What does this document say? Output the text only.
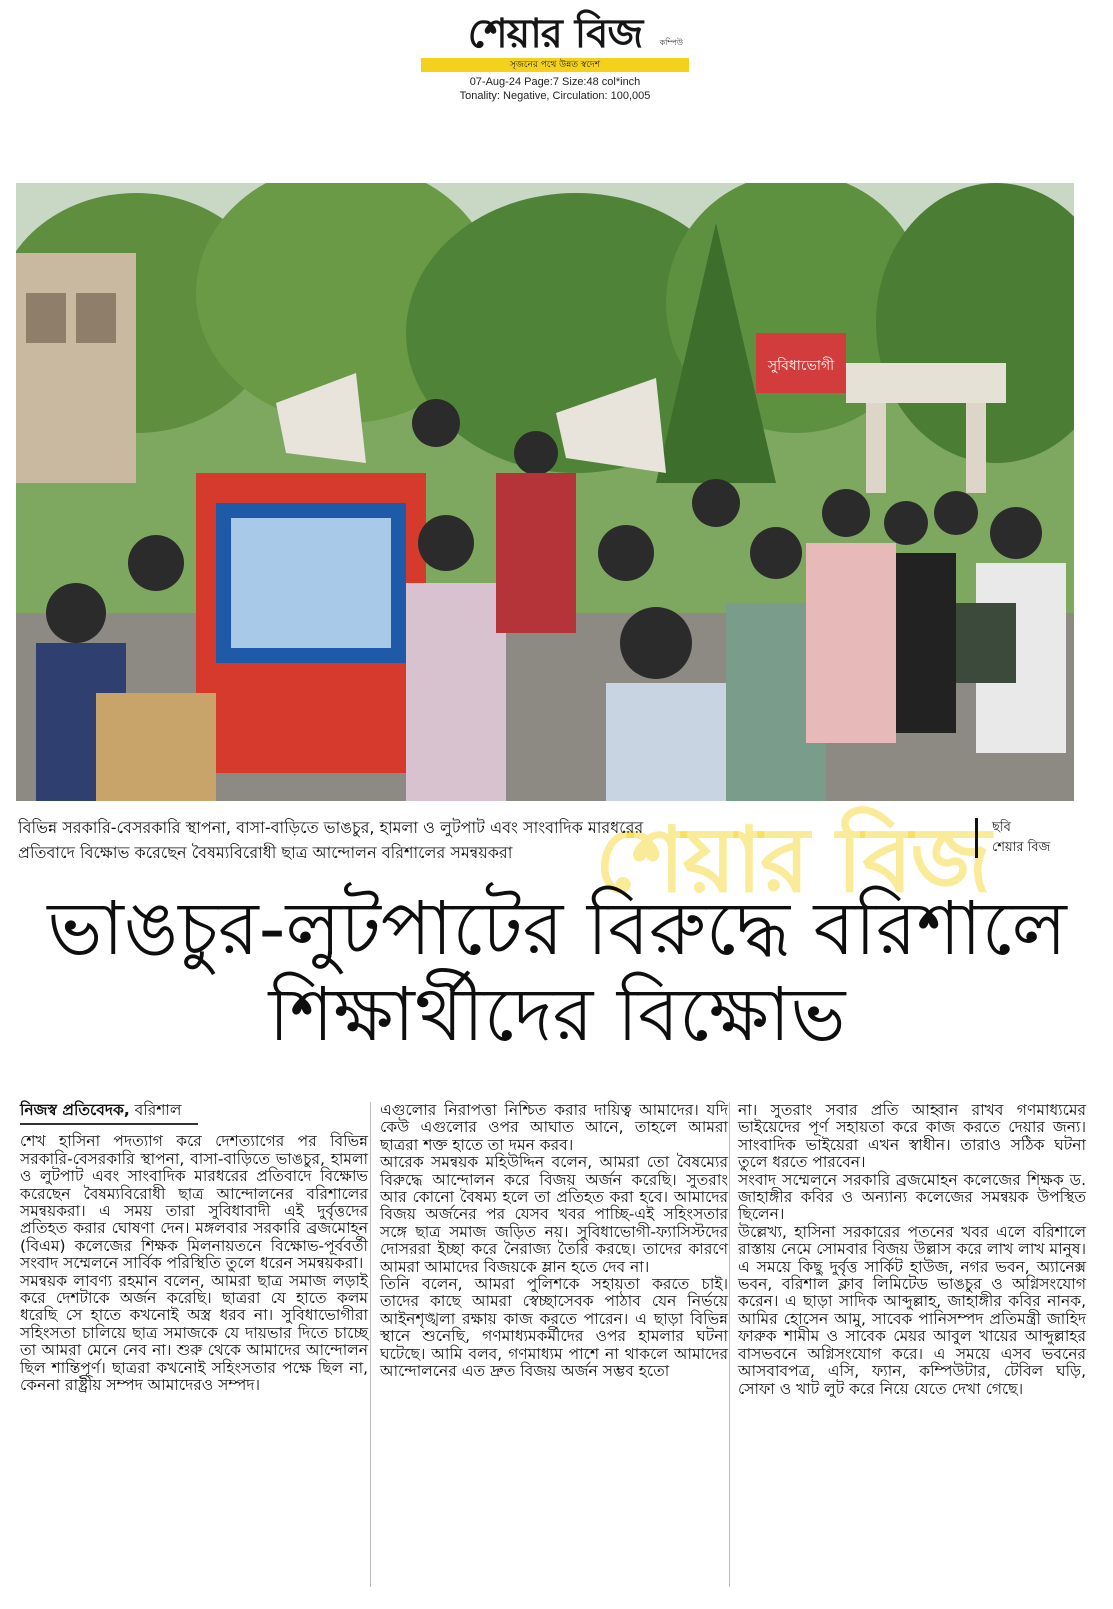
শেয়ার বিজ	কম্পিউ
সৃজনের পথে উন্নত স্বদেশ
07-Aug-24 Page:7 Size:48 col*inch
Tonality: Negative, Circulation: 100,005
সুবিধাভোগী
শেয়ার বিজ
বিভিন্ন সরকারি-বেসরকারি স্থাপনা, বাসা-বাড়িতে ভাঙচুর, হামলা ও লুটপাট এবং সাংবাদিক মারধরের
প্রতিবাদে বিক্ষোভ করেছেন বৈষম্যবিরোধী ছাত্র আন্দোলন বরিশালের সমন্বয়করা
ছবি
শেয়ার বিজ
ভাঙচুর-লুটপাটের বিরুদ্ধে বরিশালে
শিক্ষার্থীদের বিক্ষোভ
নিজস্ব প্রতিবেদক, বরিশাল

শেখ হাসিনা পদত্যাগ করে দেশত্যাগের পর বিভিন্ন সরকারি-বেসরকারি স্থাপনা, বাসা-বাড়িতে ভাঙচুর, হামলা ও লুটপাট এবং সাংবাদিক মারধরের প্রতিবাদে বিক্ষোভ করেছেন বৈষম্যবিরোধী ছাত্র আন্দোলনের বরিশালের সমন্বয়করা। এ সময় তারা সুবিধাবাদী এই দুর্বৃত্তদের প্রতিহত করার ঘোষণা দেন। মঙ্গলবার সরকারি ব্রজমোহন (বিএম) কলেজের শিক্ষক মিলনায়তনে বিক্ষোভ-পূর্ববর্তী সংবাদ সম্মেলনে সার্বিক পরিস্থিতি তুলে ধরেন সমন্বয়করা।

সমন্বয়ক লাবণ্য রহমান বলেন, আমরা ছাত্র সমাজ লড়াই করে দেশটাকে অর্জন করেছি। ছাত্ররা যে হাতে কলম ধরেছি সে হাতে কখনোই অস্ত্র ধরব না। সুবিধাভোগীরা সহিংসতা চালিয়ে ছাত্র সমাজকে যে দায়ভার দিতে চাচ্ছে তা আমরা মেনে নেব না। শুরু থেকে আমাদের আন্দোলন ছিল শান্তিপূর্ণ। ছাত্ররা কখনোই সহিংসতার পক্ষে ছিল না, কেননা রাষ্ট্রীয় সম্পদ আমাদেরও সম্পদ।

এগুলোর নিরাপত্তা নিশ্চিত করার দায়িত্ব আমাদের। যদি কেউ এগুলোর ওপর আঘাত আনে, তাহলে আমরা ছাত্ররা শক্ত হাতে তা দমন করব।

আরেক সমন্বয়ক মহিউদ্দিন বলেন, আমরা তো বৈষম্যের বিরুদ্ধে আন্দোলন করে বিজয় অর্জন করেছি। সুতরাং আর কোনো বৈষম্য হলে তা প্রতিহত করা হবে। আমাদের বিজয় অর্জনের পর যেসব খবর পাচ্ছি-এই সহিংসতার সঙ্গে ছাত্র সমাজ জড়িত নয়। সুবিধাভোগী-ফ্যাসিস্টদের দোসররা ইচ্ছা করে নৈরাজ্য তৈরি করছে। তাদের কারণে আমরা আমাদের বিজয়কে ম্লান হতে দেব না।

তিনি বলেন, আমরা পুলিশকে সহায়তা করতে চাই। তাদের কাছে আমরা স্বেচ্ছাসেবক পাঠাব যেন নির্ভয়ে আইনশৃঙ্খলা রক্ষায় কাজ করতে পারেন। এ ছাড়া বিভিন্ন স্থানে শুনেছি, গণমাধ্যমকর্মীদের ওপর হামলার ঘটনা ঘটেছে। আমি বলব, গণমাধ্যম পাশে না থাকলে আমাদের আন্দোলনের এত দ্রুত বিজয় অর্জন সম্ভব হতো

না। সুতরাং সবার প্রতি আহ্বান রাখব গণমাধ্যমের ভাইয়েদের পূর্ণ সহায়তা করে কাজ করতে দেয়ার জন্য। সাংবাদিক ভাইয়েরা এখন স্বাধীন। তারাও সঠিক ঘটনা তুলে ধরতে পারবেন।

সংবাদ সম্মেলনে সরকারি ব্রজমোহন কলেজের শিক্ষক ড. জাহাঙ্গীর কবির ও অন্যান্য কলেজের সমন্বয়ক উপস্থিত ছিলেন।

উল্লেখ্য, হাসিনা সরকারের পতনের খবর এলে বরিশালে রাস্তায় নেমে সোমবার বিজয় উল্লাস করে লাখ লাখ মানুষ। এ সময়ে কিছু দুর্বৃত্ত সার্কিট হাউজ, নগর ভবন, অ্যানেক্স ভবন, বরিশাল ক্লাব লিমিটেড ভাঙচুর ও অগ্নিসংযোগ করেন। এ ছাড়া সাদিক আব্দুল্লাহ, জাহাঙ্গীর কবির নানক, আমির হোসেন আমু, সাবেক পানিসম্পদ প্রতিমন্ত্রী জাহিদ ফারুক শামীম ও সাবেক মেয়র আবুল খায়ের আব্দুল্লাহর বাসভবনে অগ্নিসংযোগ করে। এ সময়ে এসব ভবনের আসবাবপত্র, এসি, ফ্যান, কম্পিউটার, টেবিল ঘড়ি, সোফা ও খাট লুট করে নিয়ে যেতে দেখা গেছে।
